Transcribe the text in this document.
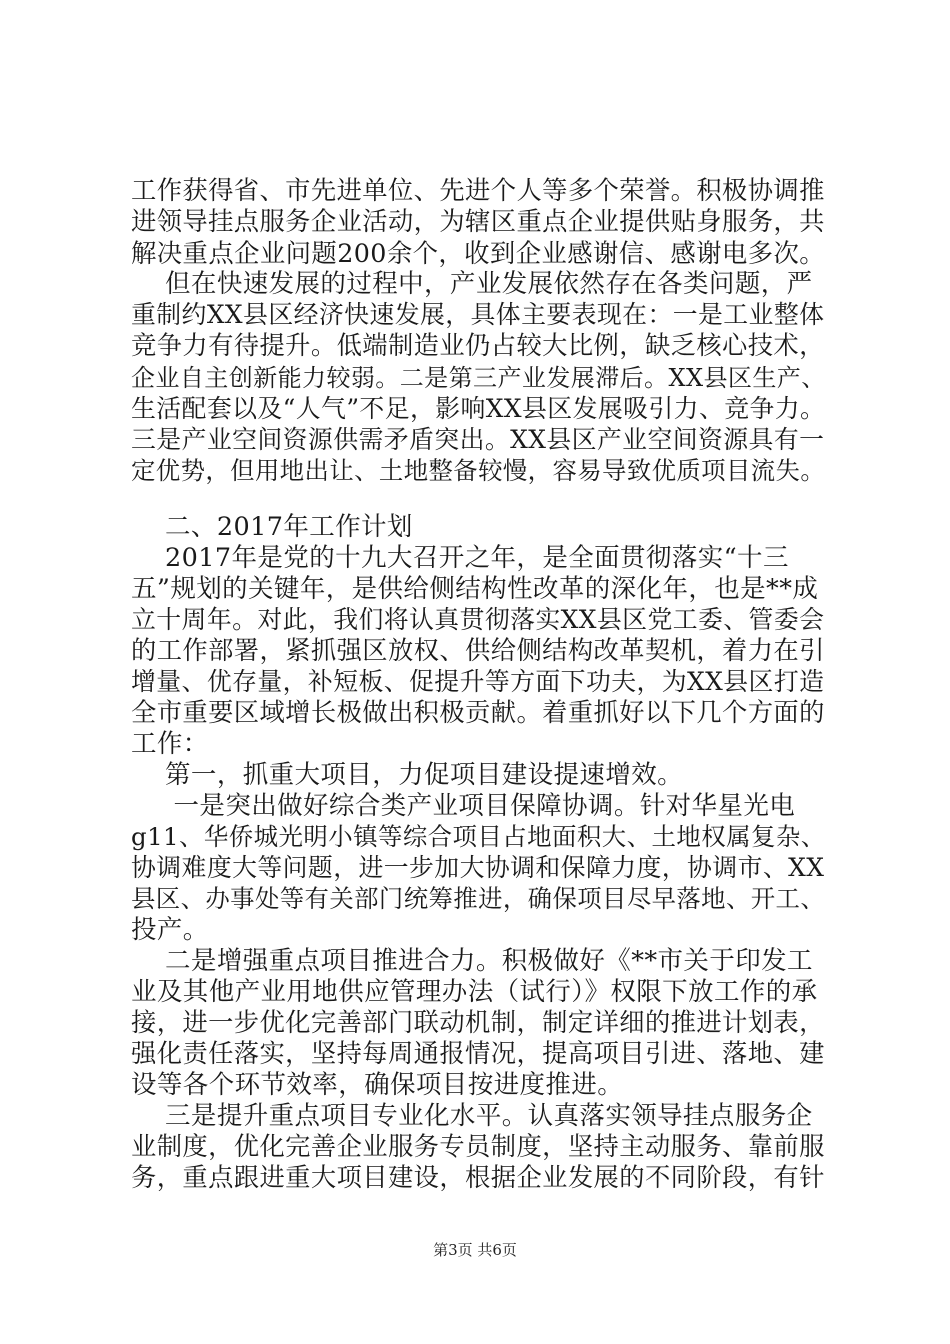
工作获得省、市先进单位、先进个人等多个荣誉。积极协调推
进领导挂点服务企业活动，为辖区重点企业提供贴身服务，共
解决重点企业问题200余个，收到企业感谢信、感谢电多次。
但在快速发展的过程中，产业发展依然存在各类问题，严
重制约XX县区经济快速发展，具体主要表现在：一是工业整体
竞争力有待提升。低端制造业仍占较大比例，缺乏核心技术，
企业自主创新能力较弱。二是第三产业发展滞后。XX县区生产、
生活配套以及“人气”不足，影响XX县区发展吸引力、竞争力。
三是产业空间资源供需矛盾突出。XX县区产业空间资源具有一
定优势，但用地出让、土地整备较慢，容易导致优质项目流失。
二、2017年工作计划
2017年是党的十九大召开之年，是全面贯彻落实“十三
五”规划的关键年，是供给侧结构性改革的深化年，也是**成
立十周年。对此，我们将认真贯彻落实XX县区党工委、管委会
的工作部署，紧抓强区放权、供给侧结构改革契机，着力在引
增量、优存量，补短板、促提升等方面下功夫，为XX县区打造
全市重要区域增长极做出积极贡献。着重抓好以下几个方面的
工作：
第一，抓重大项目，力促项目建设提速增效。
一是突出做好综合类产业项目保障协调。针对华星光电
g11、华侨城光明小镇等综合项目占地面积大、土地权属复杂、
协调难度大等问题，进一步加大协调和保障力度，协调市、XX
县区、办事处等有关部门统筹推进，确保项目尽早落地、开工、
投产。
二是增强重点项目推进合力。积极做好《**市关于印发工
业及其他产业用地供应管理办法（试行）》权限下放工作的承
接，进一步优化完善部门联动机制，制定详细的推进计划表，
强化责任落实，坚持每周通报情况，提高项目引进、落地、建
设等各个环节效率，确保项目按进度推进。
三是提升重点项目专业化水平。认真落实领导挂点服务企
业制度，优化完善企业服务专员制度，坚持主动服务、靠前服
务，重点跟进重大项目建设，根据企业发展的不同阶段，有针
第3页 共6页
